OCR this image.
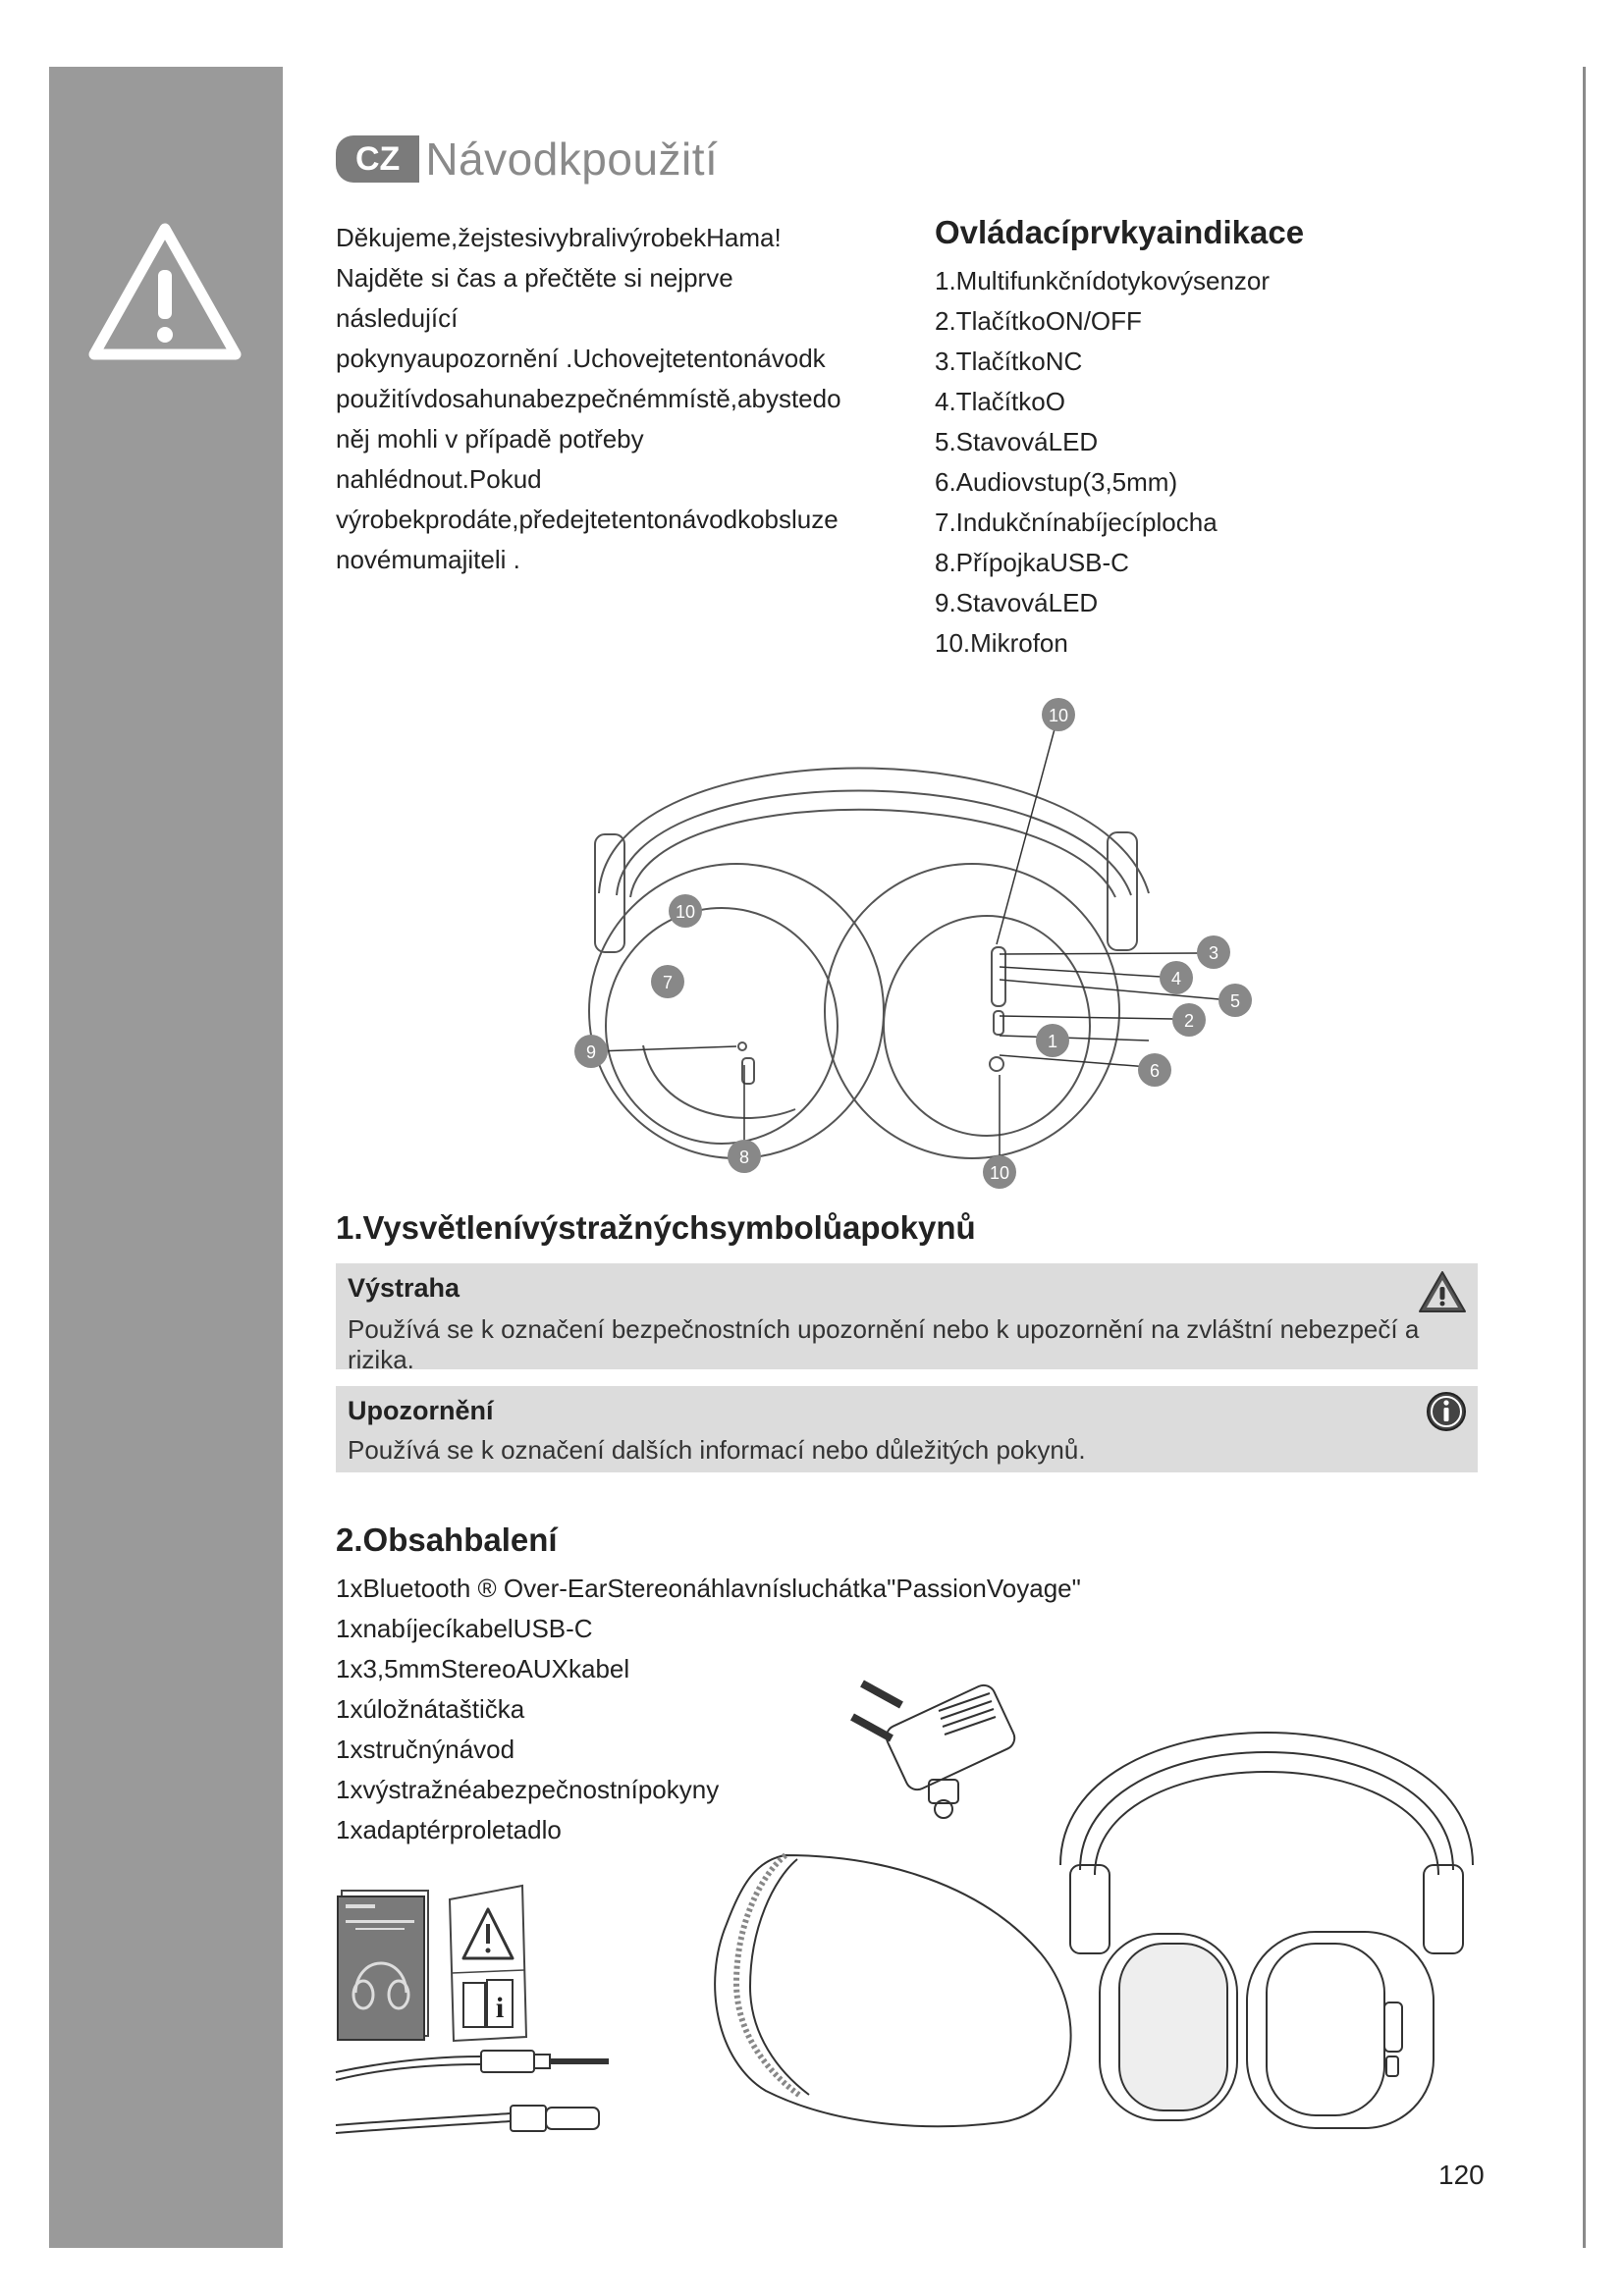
CZ Návodkpoužití

Děkujeme,žejstesivybralivýrobekHama!

Najděte si čas a přečtěte si nejprve následující

pokynyaupozornění .Uchovejtetentonávodk

použitívdosahunabezpečnémmístě,abystedo

něj mohli v případě potřeby nahlédnout.Pokud

výrobekprodáte,předejtetentonávodkobsluze

novémumajiteli .

Ovládacíprvkyaindikace
1.Multifunkčnídotykovýsenzor
2.TlačítkoON/OFF
3.TlačítkoNC
4.TlačítkoO
5.StavováLED
6.Audiovstup(3,5mm)
7.Indukčnínabíjecíplocha
8.PřípojkaUSB-C
9.StavováLED
10.Mikrofon
10
10
7
9
8
10
3
4
5
2
1
6
1.Vysvětlenívýstražnýchsymbolůapokynů
Výstraha
Používá se k označení bezpečnostních upozornění nebo k upozornění na zvláštní nebezpečí a rizika.
Upozornění
Používá se k označení dalších informací nebo důležitých pokynů.
2.Obsahbalení
1xBluetooth ® Over-EarStereonáhlavnísluchátka"PassionVoyage"
1xnabíjecíkabelUSB-C
1x3,5mmStereoAUXkabel
1xúložnátaštička
1xstručnýnávod
1xvýstražnéabezpečnostnípokyny
1xadaptérproletadlo
i
120
